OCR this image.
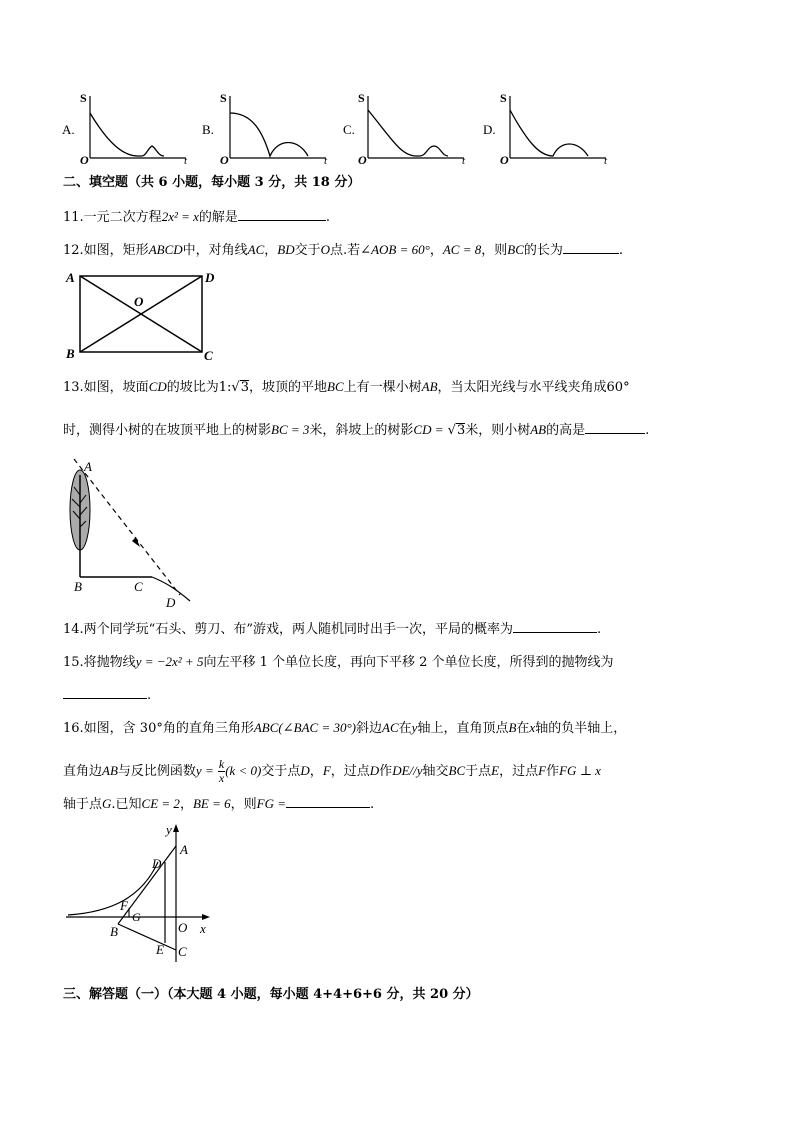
A.
S
O	t
B.
S
O	t
C.
S
O	t
D.
S
O	t
二、填空题（共 6 小题，每小题 3 分，共 18 分）
11.一元二次方程2x² = x的解是	.
12.如图，矩形ABCD中，对角线AC，BD交于O点.若∠AOB = 60°，AC = 8，则BC的长为	.
A	D
O
B	C
13.如图，坡面CD的坡比为1:√3，坡顶的平地BC上有一棵小树AB，当太阳光线与水平线夹角成60°
时，测得小树的在坡顶平地上的树影BC = 3米，斜坡上的树影CD = √3米，则小树AB的高是	.
A
B	C
D
14.两个同学玩“石头、剪刀、布”游戏，两人随机同时出手一次，平局的概率为	.
15.将抛物线y = −2x² + 5向左平移 1 个单位长度，再向下平移 2 个单位长度，所得到的抛物线为
.
16.如图，含 30°角的直角三角形ABC(∠BAC = 30°)斜边AC在y轴上，直角顶点B在x轴的负半轴上，
直角边AB与反比例函数$y = \frac{k}{x} (k < 0)$交于点D，F，过点D作DE//y轴交BC于点E，过点F作FG ⊥ x
轴于点G.已知CE = 2，BE = 6，则FG =	.
y
A
D
F
G
B	O x
E C
三、解答题（一）（本大题 4 小题，每小题 4+4+6+6 分，共 20 分）
